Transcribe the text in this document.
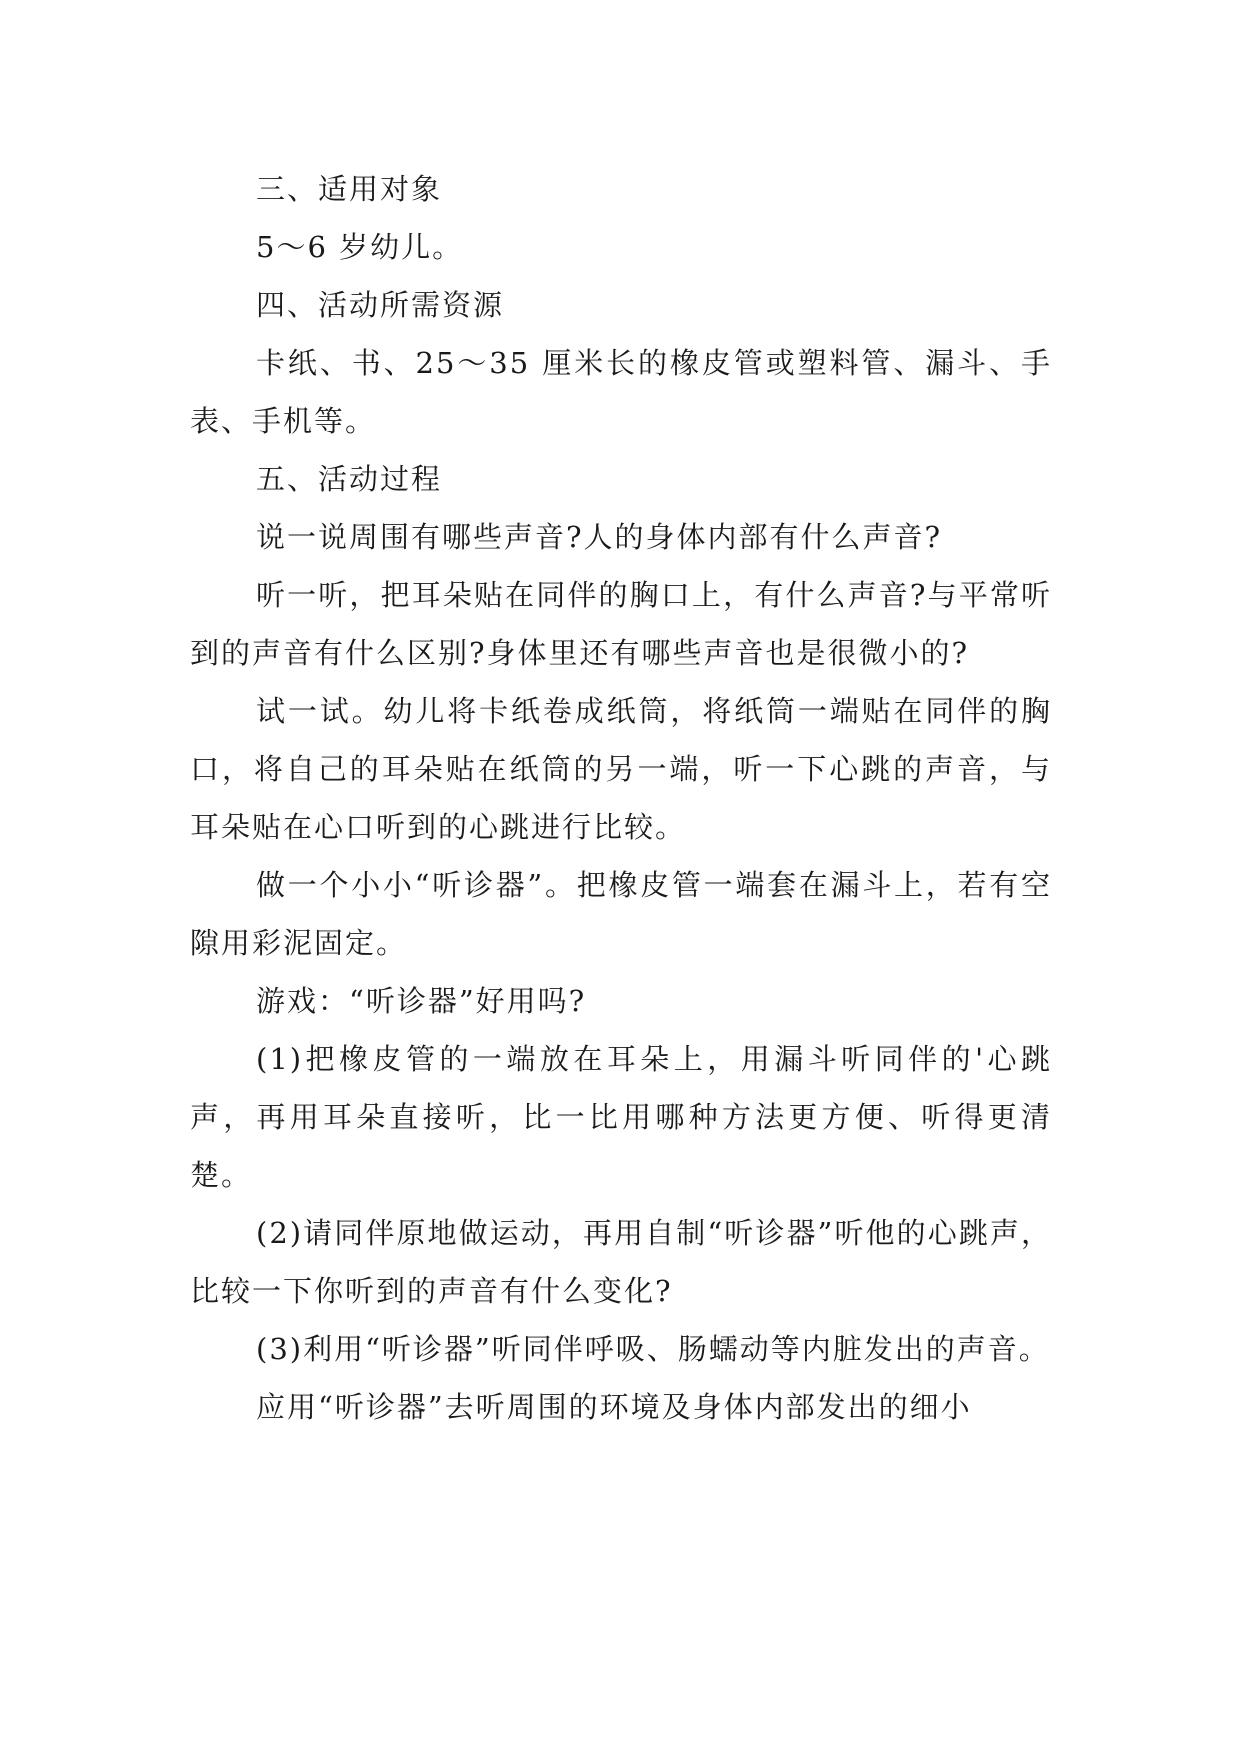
三、适用对象

5～6 岁幼儿。

四、活动所需资源

卡纸、书、25～35 厘米长的橡皮管或塑料管、漏斗、手表、手机等。

五、活动过程

说一说周围有哪些声音?人的身体内部有什么声音?

听一听，把耳朵贴在同伴的胸口上，有什么声音?与平常听到的声音有什么区别?身体里还有哪些声音也是很微小的?

试一试。幼儿将卡纸卷成纸筒，将纸筒一端贴在同伴的胸口，将自己的耳朵贴在纸筒的另一端，听一下心跳的声音，与耳朵贴在心口听到的心跳进行比较。

做一个小小“听诊器”。把橡皮管一端套在漏斗上，若有空隙用彩泥固定。

游戏：“听诊器”好用吗?

(1)把橡皮管的一端放在耳朵上，用漏斗听同伴的'心跳声，再用耳朵直接听，比一比用哪种方法更方便、听得更清楚。

(2)请同伴原地做运动，再用自制“听诊器”听他的心跳声，比较一下你听到的声音有什么变化?

(3)利用“听诊器”听同伴呼吸、肠蠕动等内脏发出的声音。

应用“听诊器”去听周围的环境及身体内部发出的细小
